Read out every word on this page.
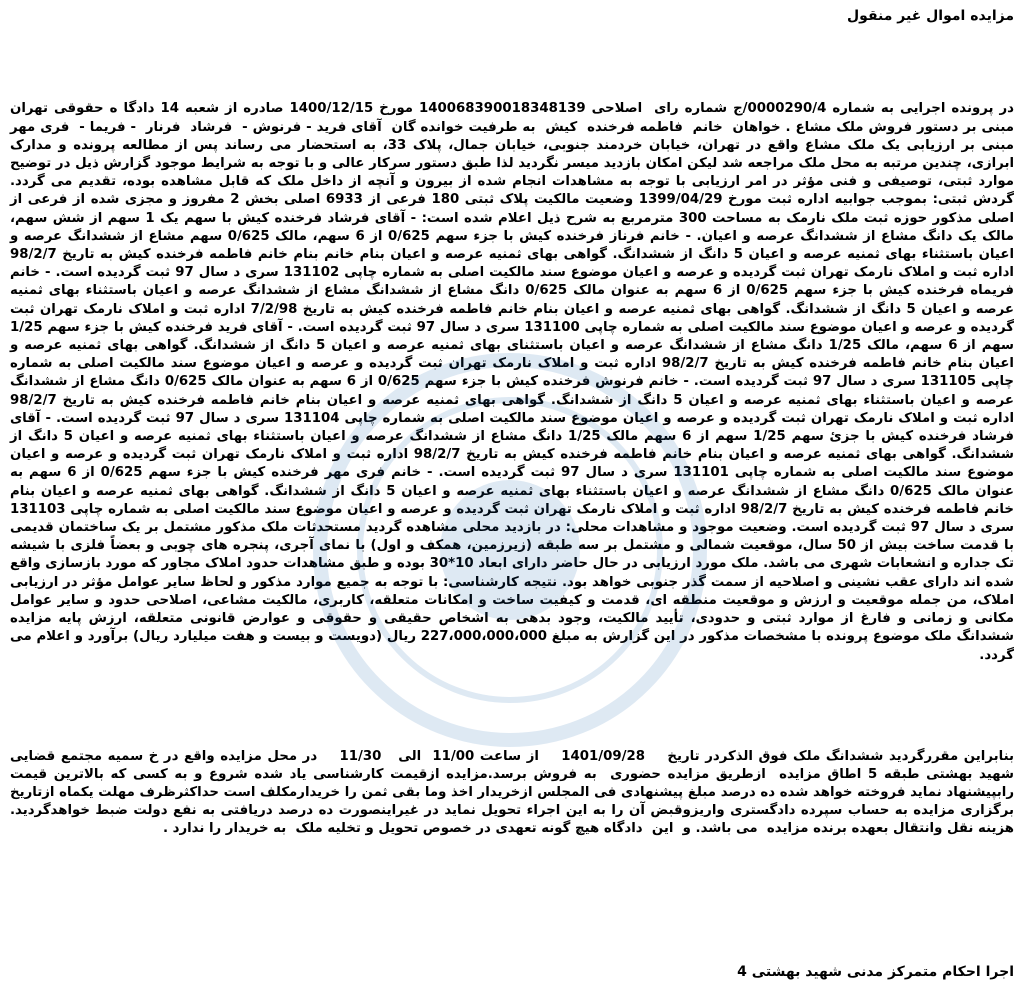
مزایده اموال غیر منقول

در پرونده اجرایی به شماره 0000290/4/ج شماره رای  اصلاحی 140068390018348139 مورخ 1400/12/15 صادره از شعبه 14 دادگا ه حقوقی تهران مبنی بر دستور فروش ملک مشاع . خواهان  خانم  فاطمه فرخنده  کیش  به طرفیت خوانده گان  آقای فرید - فرنوش -  فرشاد  فرنار  - فریما -  فری مهر مبنی بر ارزیابی یک ملک مشاع واقع در تهران، خیابان خردمند جنوبی، خیابان جمال، پلاک 33، به استحضار می رساند پس از مطالعه پرونده و مدارک ابرازی، چندین مرتبه به محل ملک مراجعه شد لیکن امکان بازدید میسر نگردید لذا طبق دستور سرکار عالی و با توجه به شرایط موجود گزارش ذیل در توضیح موارد ثبتی، توصیفی و فنی مؤثر در امر ارزیابی با توجه به مشاهدات انجام شده از بیرون و آنچه از داخل ملک که قابل مشاهده بوده، تقدیم می گردد. گردش ثبتی: بموجب جوابیه اداره ثبت مورخ 1399/04/29 وضعیت مالکیت پلاک ثبتی 180 فرعی از 6933 اصلی بخش 2 مفروز و مجزی شده از فرعی از اصلی مذکور حوزه ثبت ملک نارمک به مساحت 300 مترمربع به شرح ذیل اعلام شده است: - آقای فرشاد فرخنده کیش با سهم یک 1 سهم از شش سهم، مالک یک دانگ مشاع از ششدانگ عرصه و اعیان. - خانم فرناز فرخنده کیش با جزء سهم 0/625 از 6 سهم، مالک 0/625 سهم مشاع از ششدانگ عرصه و اعیان باستثناء بهای ثمنیه عرصه و اعیان 5 دانگ از ششدانگ. گواهی بهای ثمنیه عرصه و اعیان بنام خانم بنام خانم فاطمه فرخنده کیش به تاریخ 98/2/7 اداره ثبت و املاک نارمک تهران ثبت گردیده و عرصه و اعیان موضوع سند مالکیت اصلی به شماره چاپی 131102 سری د سال 97 ثبت گردیده است. - خانم فریماه فرخنده کیش با جزء سهم 0/625 از 6 سهم به عنوان مالک 0/625 دانگ مشاع از ششدانگ مشاع از ششدانگ عرصه و اعیان باستثناء بهای ثمنیه عرصه و اعیان 5 دانگ از ششدانگ. گواهی بهای ثمنیه عرصه و اعیان بنام خانم فاطمه فرخنده کیش به تاریخ 7/2/98 اداره ثبت و املاک نارمک تهران ثبت گردیده و عرصه و اعیان موضوع سند مالکیت اصلی به شماره چاپی 131100 سری د سال 97 ثبت گردیده است. - آقای فرید فرخنده کیش با جزء سهم 1/25 سهم از 6 سهم، مالک 1/25 دانگ مشاع از ششدانگ عرصه و اعیان باستثنای بهای ثمنیه عرصه و اعیان 5 دانگ از ششدانگ. گواهی بهای ثمنیه عرصه و اعیان بنام خانم فاطمه فرخنده کیش به تاریخ 98/2/7 اداره ثبت و املاک نارمک تهران ثبت گردیده و عرصه و اعیان موضوع سند مالکیت اصلی به شماره چاپی 131105 سری د سال 97 ثبت گردیده است. - خانم فرنوش فرخنده کیش با جزء سهم 0/625 از 6 سهم به عنوان مالک 0/625 دانگ مشاع از ششدانگ عرصه و اعیان باستثناء بهای ثمنیه عرصه و اعیان 5 دانگ از ششدانگ. گواهی بهای ثمنیه عرصه و اعیان بنام خانم فاطمه فرخنده کیش به تاریخ 98/2/7 اداره ثبت و املاک نارمک تهران ثبت گردیده و عرصه و اعیان موضوع سند مالکیت اصلی به شماره چاپی 131104 سری د سال 97 ثبت گردیده است. - آقای فرشاد فرخنده کیش با جزئ سهم 1/25 سهم از 6 سهم مالک 1/25 دانگ مشاع از ششدانگ عرصه و اعیان باستثناء بهای ثمنیه عرصه و اعیان 5 دانگ از ششدانگ. گواهی بهای ثمنیه عرصه و اعیان بنام خانم فاطمه فرخنده کیش به تاریخ 98/2/7 اداره ثبت و املاک نارمک تهران ثبت گردیده و عرصه و اعیان موضوع سند مالکیت اصلی به شماره چاپی 131101 سری د سال 97 ثبت گردیده است. - خانم فری مهر فرخنده کیش با جزء سهم 0/625 از 6 سهم به عنوان مالک 0/625 دانگ مشاع از ششدانگ عرصه و اعیان باستثناء بهای ثمنیه عرصه و اعیان 5 دانگ از ششدانگ. گواهی بهای ثمنیه عرصه و اعیان بنام خانم فاطمه فرخنده کیش به تاریخ 98/2/7 اداره ثبت و املاک نارمک تهران ثبت گردیده و عرصه و اعیان موضوع سند مالکیت اصلی به شماره چاپی 131103 سری د سال 97 ثبت گردیده است. وضعیت موجود و مشاهدات محلی: در بازدید محلی مشاهده گردید مستحدثات ملک مذکور مشتمل بر یک ساختمان قدیمی با قدمت ساخت بیش از 50 سال، موقعیت شمالی و مشتمل بر سه طبقه (زیرزمین، همکف و اول) با نمای آجری، پنجره های چوبی و بعضاً فلزی با شیشه تک جداره و انشعابات شهری می باشد. ملک مورد ارزیابی در حال حاضر دارای ابعاد 10*30 بوده و طبق مشاهدات حدود املاک مجاور که مورد بازسازی واقع شده اند دارای عقب نشینی و اصلاحیه از سمت گذر جنوبی خواهد بود. نتیجه کارشناسی: با توجه به جمیع موارد مذکور و لحاظ سایر عوامل مؤثر در ارزیابی املاک، من جمله موقعیت و ارزش و موقعیت منطقه ای، قدمت و کیفیت ساخت و امکانات متعلقه، کاربری، مالکیت مشاعی، اصلاحی حدود و سایر عوامل مکانی و زمانی و فارغ از موارد ثبتی و حدودی، تأیید مالکیت، وجود بدهی به اشخاص حقیقی و حقوقی و عوارض قانونی متعلقه، ارزش پایه مزایده ششدانگ ملک موضوع پرونده با مشخصات مذکور در این گزارش به مبلغ 227،000،000،000 ریال (دویست و بیست و هفت میلیارد ریال) برآورد و اعلام می گردد.

بنابراین مقررگردید ششدانگ ملک فوق الذکردر تاریخ    1401/09/28    از ساعت 11/00  الی   11/30    در محل مزایده واقع در خ سمیه مجتمع قضایی شهید بهشتی طبقه 5 اطاق مزایده  ازطریق مزایده حضوری  به فروش برسد.مزایده ازقیمت کارشناسی یاد شده شروع و به کسی که بالاترین قیمت رابپیشنهاد نماید فروخته خواهد شده ده درصد مبلغ پیشنهادی فی المجلس ازخریدار اخذ وما بقی ثمن را خریدارمکلف است حداکثرظرف مهلت یکماه ازتاریخ برگزاری مزایده به حساب سپرده دادگستری واریزوقبض آن را به این اجراء تحویل نماید در غیراینصورت ده درصد دریافتی به نفع دولت ضبط خواهدگردید. هزینه نقل وانتقال بعهده برنده مزایده  می باشد. و  این  دادگاه هیچ گونه تعهدی در خصوص تحویل و تخلیه ملک  به خریدار را ندارد .

اجرا احکام متمرکز مدنی شهید بهشتی 4
